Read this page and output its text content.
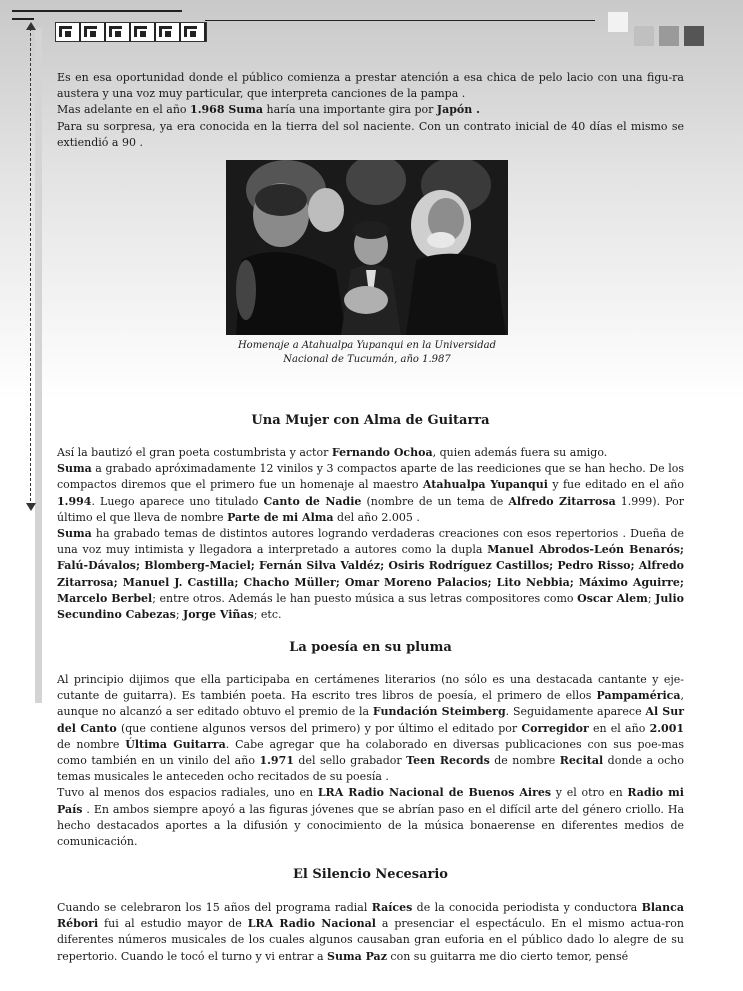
Es en esa oportunidad donde el público comienza a prestar atención a esa chica de pelo lacio con una figu-ra austera y una voz muy particular, que interpreta canciones de la pampa .
Mas adelante en el año 1.968 Suma haría una importante gira por Japón .
Para su sorpresa, ya era conocida en la tierra del sol naciente. Con un contrato inicial de 40 días el mismo se extiendió a 90 .
Homenaje a Atahualpa Yupanqui en la Universidad
Nacional de Tucumán, año 1.987
Una Mujer con Alma de Guitarra
Así la bautizó el gran poeta costumbrista y actor Fernando Ochoa, quien además fuera su amigo.
Suma a grabado apróximadamente 12 vinilos y 3 compactos aparte de las reediciones que se han hecho. De los compactos diremos que el primero fue un homenaje al maestro Atahualpa Yupanqui y fue editado en el año 1.994. Luego aparece uno titulado Canto de Nadie (nombre de un tema de Alfredo Zitarrosa 1.999). Por último el que lleva de nombre Parte de mi Alma del año 2.005 .
Suma ha grabado temas de distintos autores logrando verdaderas creaciones con esos repertorios . Dueña de una voz muy intimista y llegadora a interpretado a autores como la dupla Manuel Abrodos-León Benarós; Falú-Dávalos; Blomberg-Maciel; Fernán Silva Valdéz; Osiris Rodríguez Castillos; Pedro Risso; Alfredo Zitarrosa; Manuel J. Castilla; Chacho Müller; Omar Moreno Palacios; Lito Nebbia; Máximo Aguirre; Marcelo Berbel; entre otros. Además le han puesto música a sus letras compositores como Oscar Alem; Julio Secundino Cabezas; Jorge Viñas; etc.
La poesía en su pluma
Al principio dijimos que ella participaba en certámenes literarios (no sólo es una destacada cantante y eje-cutante de guitarra). Es también poeta. Ha escrito tres libros de poesía, el primero de ellos Pampamérica, aunque no alcanzó a ser editado obtuvo el premio de la Fundación Steimberg. Seguidamente aparece Al Sur del Canto (que contiene algunos versos del primero) y por último el editado por Corregidor en el año 2.001 de nombre Última Guitarra. Cabe agregar que ha colaborado en diversas publicaciones con sus poe-mas como también en un vinilo del año 1.971 del sello grabador Teen Records de nombre Recital donde a ocho temas musicales le anteceden ocho recitados de su poesía .
Tuvo al menos dos espacios radiales, uno en LRA Radio Nacional de Buenos Aires y el otro en Radio mi País . En ambos siempre apoyó a las figuras jóvenes que se abrían paso en el difícil arte del género criollo. Ha hecho destacados aportes a la difusión y conocimiento de la música bonaerense en diferentes medios de comunicación.
El Silencio Necesario
Cuando se celebraron los 15 años del programa radial Raíces de la conocida periodista y conductora Blanca Rébori fui al estudio mayor de LRA Radio Nacional a presenciar el espectáculo. En el mismo actua-ron diferentes números musicales de los cuales algunos causaban gran euforia en el público dado lo alegre de su repertorio. Cuando le tocó el turno y vi entrar a Suma Paz con su guitarra me dio cierto temor, pensé
